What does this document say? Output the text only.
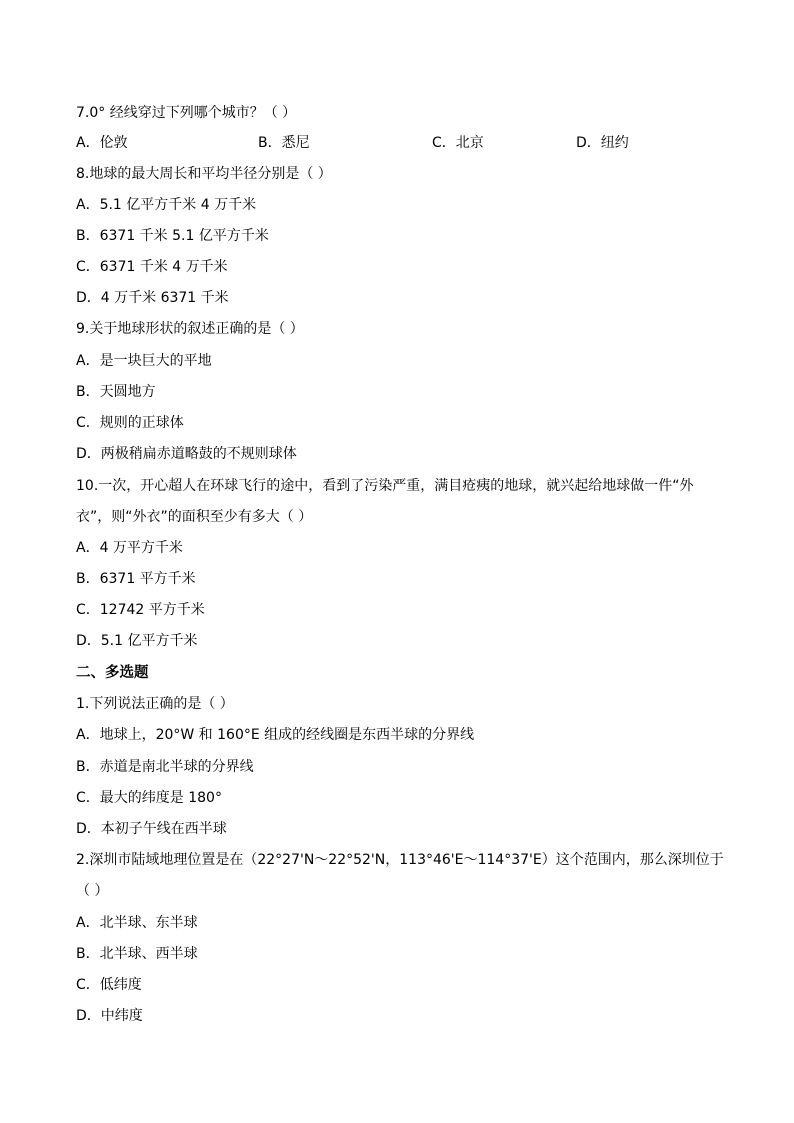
7.0° 经线穿过下列哪个城市？（ ）
A．伦敦	B．悉尼	C．北京	D．纽约
8.地球的最大周长和平均半径分别是（ ）
A．5.1 亿平方千米 4 万千米
B．6371 千米 5.1 亿平方千米
C．6371 千米 4 万千米
D．4 万千米 6371 千米
9.关于地球形状的叙述正确的是（ ）
A．是一块巨大的平地
B．天圆地方
C．规则的正球体
D．两极稍扁赤道略鼓的不规则球体
10.一次，开心超人在环球飞行的途中，看到了污染严重，满目疮痍的地球，就兴起给地球做一件“外
衣”，则“外衣”的面积至少有多大（ ）
A．4 万平方千米
B．6371 平方千米
C．12742 平方千米
D．5.1 亿平方千米
二、多选题
1.下列说法正确的是（ ）
A．地球上，20°W 和 160°E 组成的经线圈是东西半球的分界线
B．赤道是南北半球的分界线
C．最大的纬度是 180°
D．本初子午线在西半球
2.深圳市陆域地理位置是在（22°27'N～22°52'N，113°46'E～114°37'E）这个范围内，那么深圳位于
（ ）
A．北半球、东半球
B．北半球、西半球
C．低纬度
D．中纬度
